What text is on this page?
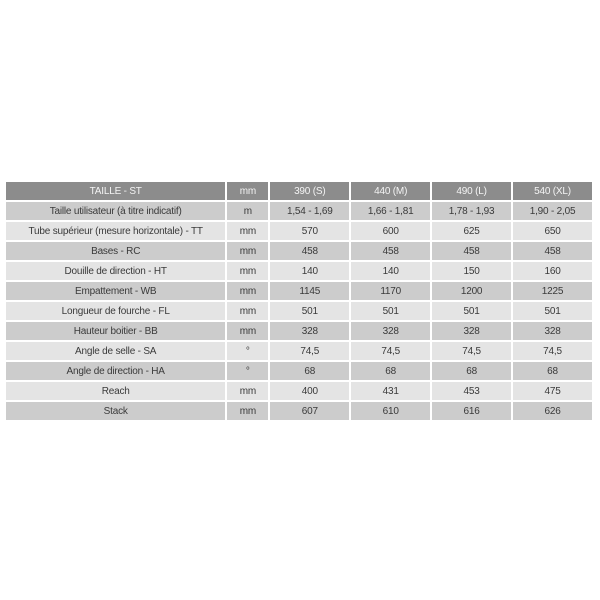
TAILLE - ST	mm	390 (S)	440 (M)	490 (L)	540 (XL)
Taille utilisateur (à titre indicatif)	m	1,54 - 1,69	1,66 - 1,81	1,78 - 1,93	1,90 - 2,05
Tube supérieur (mesure horizontale) - TT	mm	570	600	625	650
Bases - RC	mm	458	458	458	458
Douille de direction - HT	mm	140	140	150	160
Empattement - WB	mm	1145	1170	1200	1225
Longueur de fourche - FL	mm	501	501	501	501
Hauteur boitier - BB	mm	328	328	328	328
Angle de selle - SA	°	74,5	74,5	74,5	74,5
Angle de direction - HA	°	68	68	68	68
Reach	mm	400	431	453	475
Stack	mm	607	610	616	626
